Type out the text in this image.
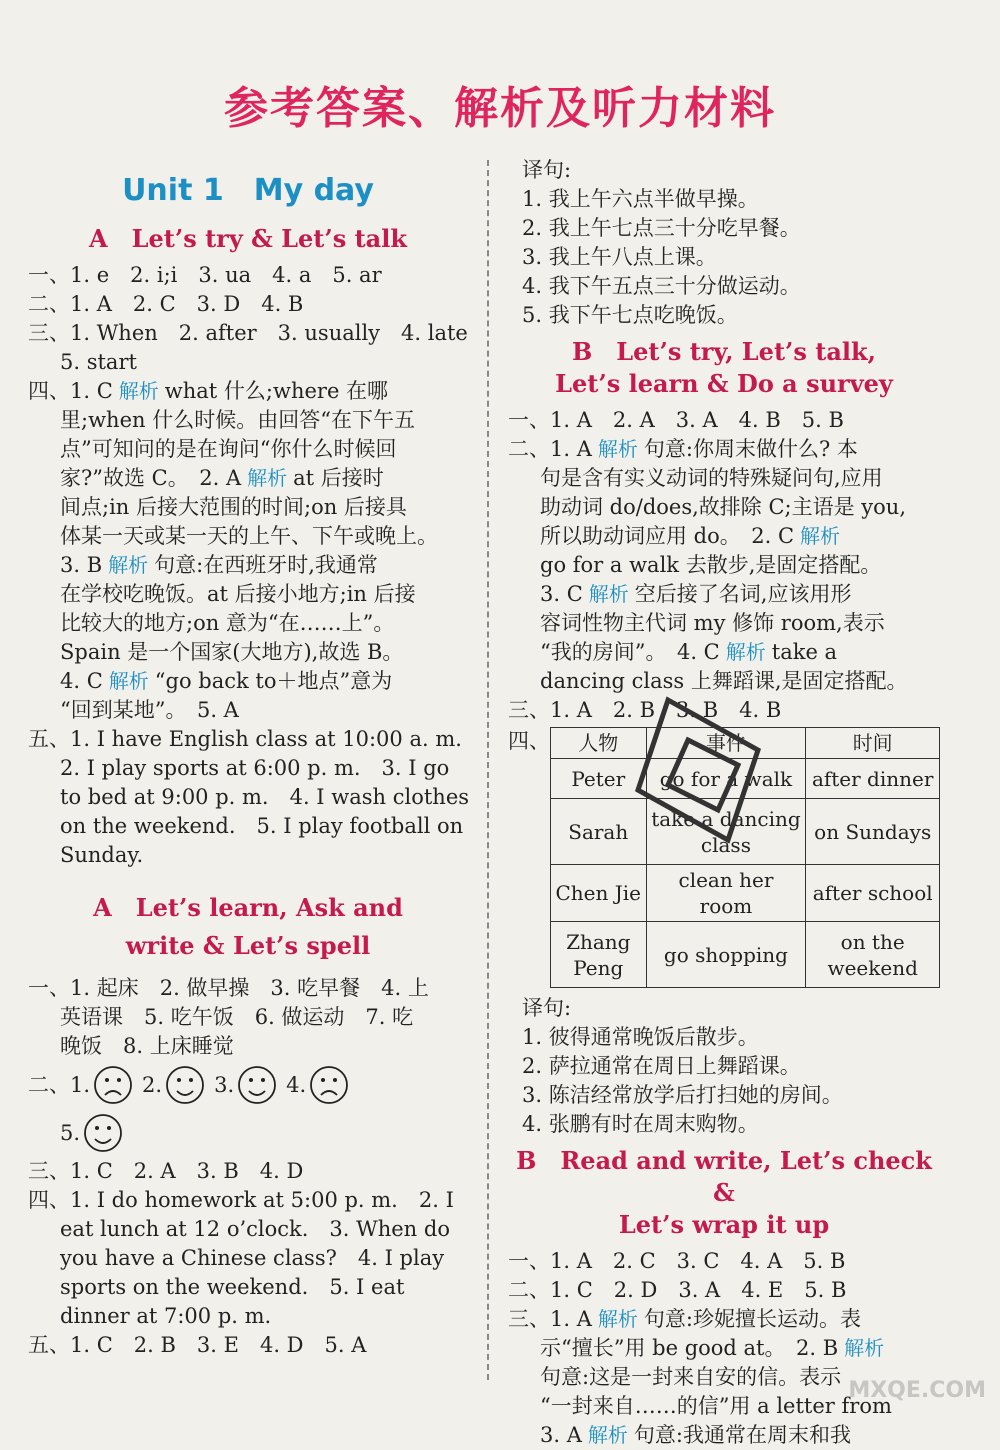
参考答案、解析及听力材料
Unit 1　My day
A　Let’s try & Let’s talk
一、1. e　2. i;i　3. ua　4. a　5. ar
二、1. A　2. C　3. D　4. B
三、1. When　2. after　3. usually　4. late
5. start
四、1. C 解析 what 什么;where 在哪
里;when 什么时候。由回答“在下午五
点”可知问的是在询问“你什么时候回
家?”故选 C。　2. A 解析 at 后接时
间点;in 后接大范围的时间;on 后接具
体某一天或某一天的上午、下午或晚上。
3. B 解析 句意:在西班牙时,我通常
在学校吃晚饭。at 后接小地方;in 后接
比较大的地方;on 意为“在……上”。
Spain 是一个国家(大地方),故选 B。
4. C 解析 “go back to＋地点”意为
“回到某地”。　5. A
五、1. I have English class at 10:00 a. m.
2. I play sports at 6:00 p. m.　3. I go
to bed at 9:00 p. m.　4. I wash clothes
on the weekend.　5. I play football on
Sunday.
A　Let’s learn, Ask and
write & Let’s spell
一、1. 起床　2. 做早操　3. 吃早餐　4. 上
英语课　5. 吃午饭　6. 做运动　7. 吃
晚饭　8. 上床睡觉
二、1. 2. 3. 4.
5.
三、1. C　2. A　3. B　4. D
四、1. I do homework at 5:00 p. m.　2. I
eat lunch at 12 o’clock.　3. When do
you have a Chinese class?　4. I play
sports on the weekend.　5. I eat
dinner at 7:00 p. m.
五、1. C　2. B　3. E　4. D　5. A
译句:
1. 我上午六点半做早操。
2. 我上午七点三十分吃早餐。
3. 我上午八点上课。
4. 我下午五点三十分做运动。
5. 我下午七点吃晚饭。
B　Let’s try, Let’s talk,
Let’s learn & Do a survey
一、1. A　2. A　3. A　4. B　5. B
二、1. A 解析 句意:你周末做什么? 本
句是含有实义动词的特殊疑问句,应用
助动词 do/does,故排除 C;主语是 you,
所以助动词应用 do。　2. C 解析
go for a walk 去散步,是固定搭配。
3. C 解析 空后接了名词,应该用形
容词性物主代词 my 修饰 room,表示
“我的房间”。　4. C 解析 take a
dancing class 上舞蹈课,是固定搭配。
三、1. A　2. B　3. B　4. B
四、 人物	事件	时间
Peter	go for a walk	after dinner
Sarah	take a dancing class	on Sundays
Chen Jie	clean her room	after school
Zhang Peng	go shopping	on the weekend
译句:
1. 彼得通常晚饭后散步。
2. 萨拉通常在周日上舞蹈课。
3. 陈洁经常放学后打扫她的房间。
4. 张鹏有时在周末购物。
B　Read and write, Let’s check &
Let’s wrap it up
一、1. A　2. C　3. C　4. A　5. B
二、1. C　2. D　3. A　4. E　5. B
三、1. A 解析 句意:珍妮擅长运动。表
示“擅长”用 be good at。　2. B 解析
句意:这是一封来自安的信。表示
“一封来自……的信”用 a letter from
3. A 解析 句意:我通常在周末和我
MXQE.COM
